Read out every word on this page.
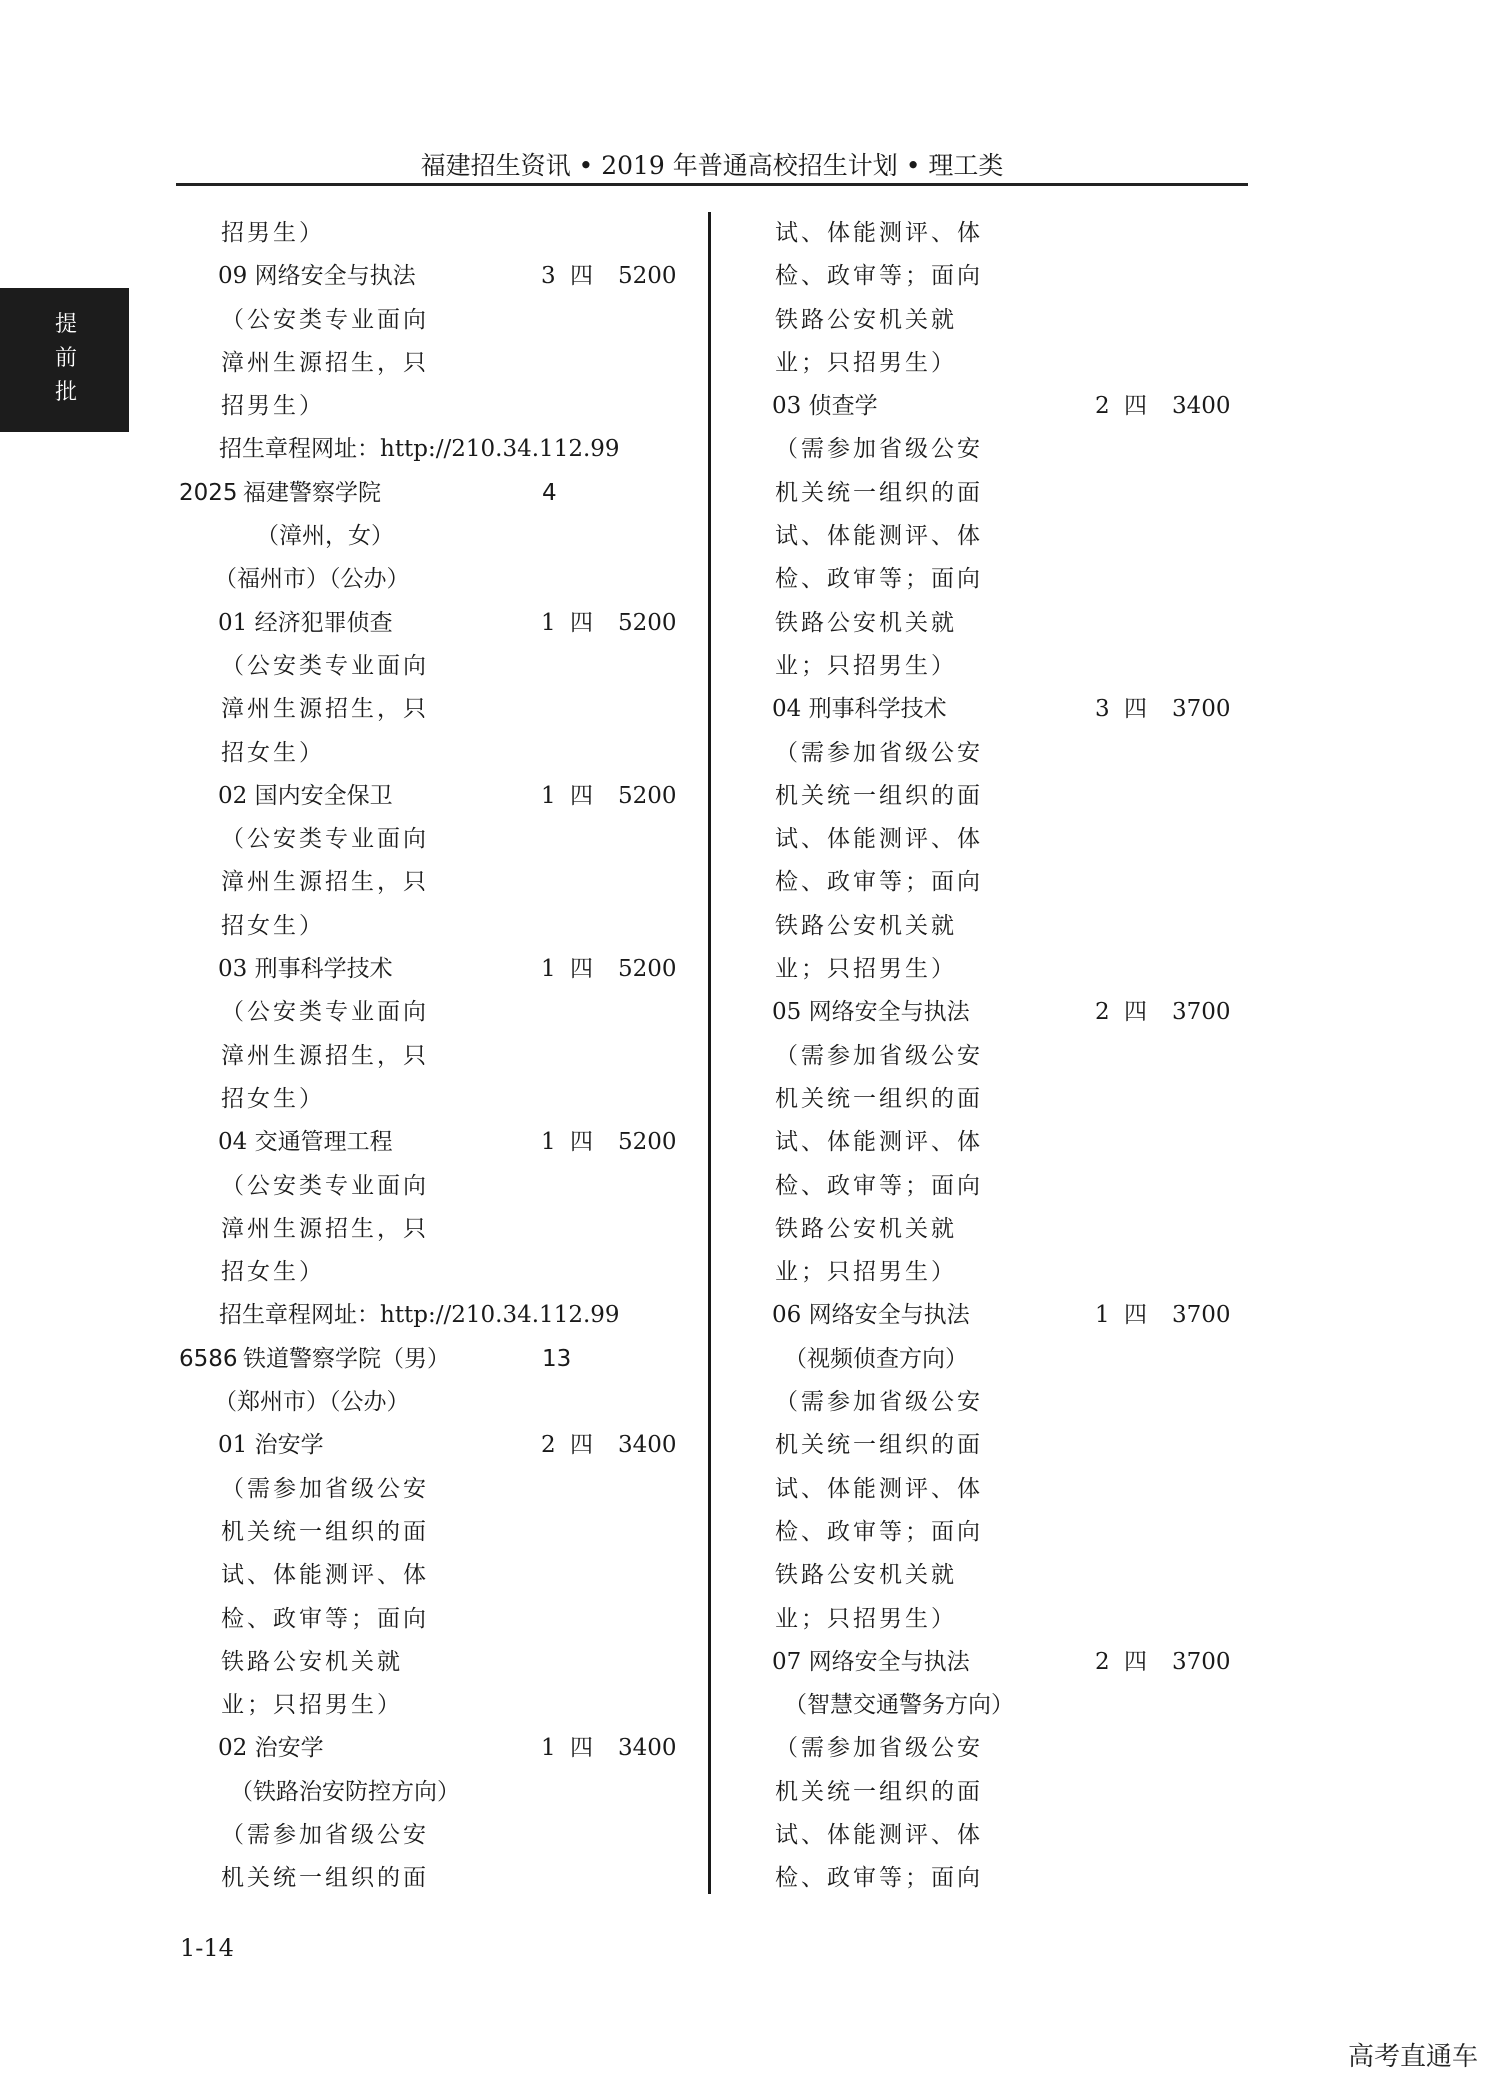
福建招生资讯 • 2019 年普通高校招生计划 • 理工类
提
前
批
招男生）
09 网络安全与执法	3 四 5200
（公安类专业面向
漳州生源招生，只
招男生）
招生章程网址：http://210.34.112.99
2025 福建警察学院	4
（漳州，女）
（福州市）（公办）
01 经济犯罪侦查	1 四 5200
（公安类专业面向
漳州生源招生，只
招女生）
02 国内安全保卫	1 四 5200
（公安类专业面向
漳州生源招生，只
招女生）
03 刑事科学技术	1 四 5200
（公安类专业面向
漳州生源招生，只
招女生）
04 交通管理工程	1 四 5200
（公安类专业面向
漳州生源招生，只
招女生）
招生章程网址：http://210.34.112.99
6586 铁道警察学院（男）	13
（郑州市）（公办）
01 治安学	2 四 3400
（需参加省级公安
机关统一组织的面
试、体能测评、体
检、政审等；面向
铁路公安机关就
业；只招男生）
02 治安学	1 四 3400
（铁路治安防控方向）
（需参加省级公安
机关统一组织的面
试、体能测评、体
检、政审等；面向
铁路公安机关就
业；只招男生）
03 侦查学	2 四 3400
（需参加省级公安
机关统一组织的面
试、体能测评、体
检、政审等；面向
铁路公安机关就
业；只招男生）
04 刑事科学技术	3 四 3700
（需参加省级公安
机关统一组织的面
试、体能测评、体
检、政审等；面向
铁路公安机关就
业；只招男生）
05 网络安全与执法	2 四 3700
（需参加省级公安
机关统一组织的面
试、体能测评、体
检、政审等；面向
铁路公安机关就
业；只招男生）
06 网络安全与执法	1 四 3700
（视频侦查方向）
（需参加省级公安
机关统一组织的面
试、体能测评、体
检、政审等；面向
铁路公安机关就
业；只招男生）
07 网络安全与执法	2 四 3700
（智慧交通警务方向）
（需参加省级公安
机关统一组织的面
试、体能测评、体
检、政审等；面向
1-14
高考直通车
